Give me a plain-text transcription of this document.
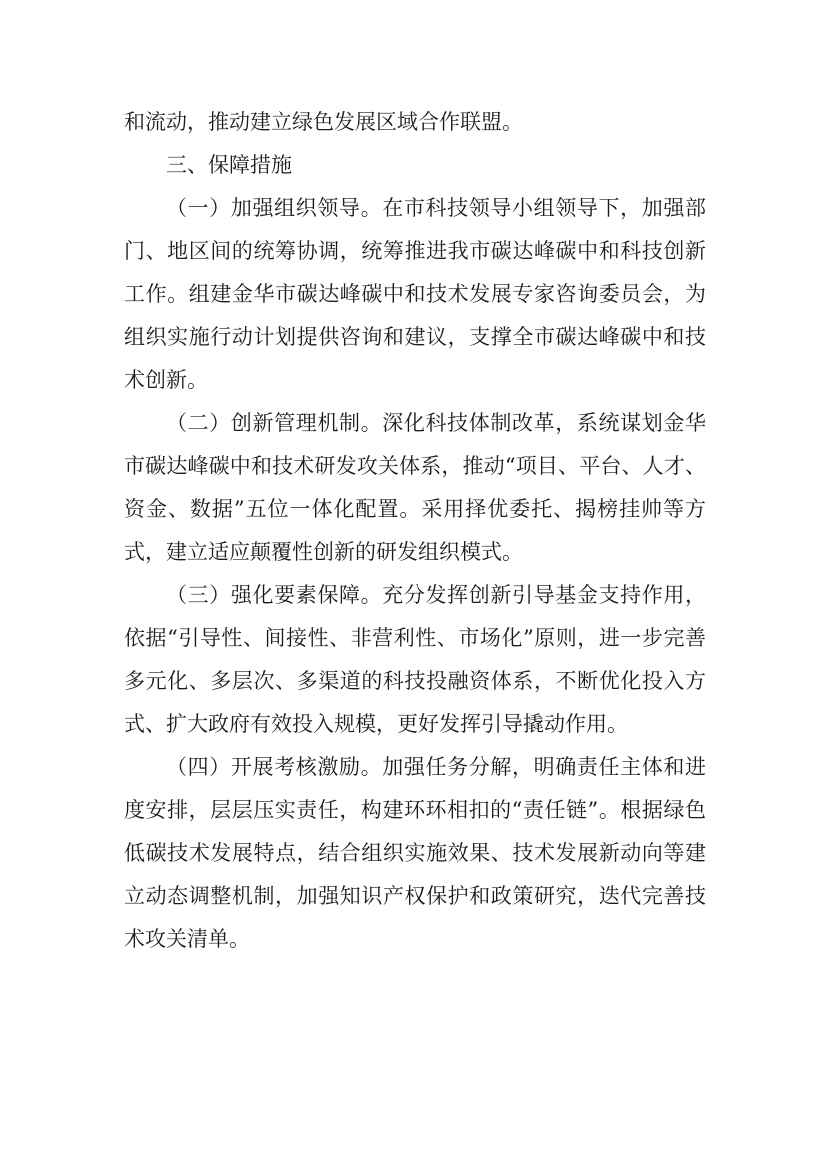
和流动，推动建立绿色发展区域合作联盟。

三、保障措施

（一）加强组织领导。在市科技领导小组领导下，加强部门、地区间的统筹协调，统筹推进我市碳达峰碳中和科技创新工作。组建金华市碳达峰碳中和技术发展专家咨询委员会，为组织实施行动计划提供咨询和建议，支撑全市碳达峰碳中和技术创新。

（二）创新管理机制。深化科技体制改革，系统谋划金华市碳达峰碳中和技术研发攻关体系，推动“项目、平台、人才、资金、数据”五位一体化配置。采用择优委托、揭榜挂帅等方式，建立适应颠覆性创新的研发组织模式。

（三）强化要素保障。充分发挥创新引导基金支持作用，依据“引导性、间接性、非营利性、市场化”原则，进一步完善多元化、多层次、多渠道的科技投融资体系，不断优化投入方式、扩大政府有效投入规模，更好发挥引导撬动作用。

（四）开展考核激励。加强任务分解，明确责任主体和进度安排，层层压实责任，构建环环相扣的“责任链”。根据绿色低碳技术发展特点，结合组织实施效果、技术发展新动向等建立动态调整机制，加强知识产权保护和政策研究，迭代完善技术攻关清单。
